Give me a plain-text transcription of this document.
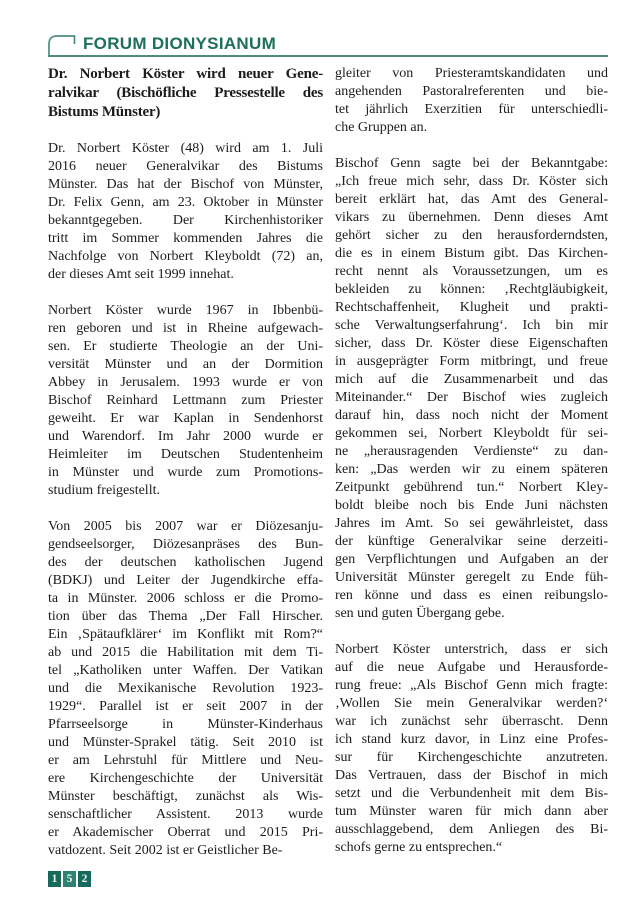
FORUM DIONYSIANUM
Dr. Norbert Köster wird neuer Gene-
ralvikar (Bischöfliche Pressestelle des
Bistums Münster)
Dr. Norbert Köster (48) wird am 1. Juli
2016 neuer Generalvikar des Bistums
Münster. Das hat der Bischof von Münster,
Dr. Felix Genn, am 23. Oktober in Münster
bekanntgegeben. Der Kirchenhistoriker
tritt im Sommer kommenden Jahres die
Nachfolge von Norbert Kleyboldt (72) an,
der dieses Amt seit 1999 innehat.
Norbert Köster wurde 1967 in Ibbenbü-
ren geboren und ist in Rheine aufgewach-
sen. Er studierte Theologie an der Uni-
versität Münster und an der Dormition
Abbey in Jerusalem. 1993 wurde er von
Bischof Reinhard Lettmann zum Priester
geweiht. Er war Kaplan in Sendenhorst
und Warendorf. Im Jahr 2000 wurde er
Heimleiter im Deutschen Studentenheim
in Münster und wurde zum Promotions-
studium freigestellt.
Von 2005 bis 2007 war er Diözesanju-
gendseelsorger, Diözesanpräses des Bun-
des der deutschen katholischen Jugend
(BDKJ) und Leiter der Jugendkirche effa-
ta in Münster. 2006 schloss er die Promo-
tion über das Thema „Der Fall Hirscher.
Ein ‚Spätaufklärer‘ im Konflikt mit Rom?“
ab und 2015 die Habilitation mit dem Ti-
tel „Katholiken unter Waffen. Der Vatikan
und die Mexikanische Revolution 1923-
1929“. Parallel ist er seit 2007 in der
Pfarrseelsorge in Münster-Kinderhaus
und Münster-Sprakel tätig. Seit 2010 ist
er am Lehrstuhl für Mittlere und Neu-
ere Kirchengeschichte der Universität
Münster beschäftigt, zunächst als Wis-
senschaftlicher Assistent. 2013 wurde
er Akademischer Oberrat und 2015 Pri-
vatdozent. Seit 2002 ist er Geistlicher Be-
gleiter von Priesteramtskandidaten und
angehenden Pastoralreferenten und bie-
tet jährlich Exerzitien für unterschiedli-
che Gruppen an.
Bischof Genn sagte bei der Bekanntgabe:
„Ich freue mich sehr, dass Dr. Köster sich
bereit erklärt hat, das Amt des General-
vikars zu übernehmen. Denn dieses Amt
gehört sicher zu den herausforderndsten,
die es in einem Bistum gibt. Das Kirchen-
recht nennt als Voraussetzungen, um es
bekleiden zu können: ‚Rechtgläubigkeit,
Rechtschaffenheit, Klugheit und prakti-
sche Verwaltungserfahrung‘. Ich bin mir
sicher, dass Dr. Köster diese Eigenschaften
in ausgeprägter Form mitbringt, und freue
mich auf die Zusammenarbeit und das
Miteinander.“ Der Bischof wies zugleich
darauf hin, dass noch nicht der Moment
gekommen sei, Norbert Kleyboldt für sei-
ne „herausragenden Verdienste“ zu dan-
ken: „Das werden wir zu einem späteren
Zeitpunkt gebührend tun.“ Norbert Kley-
boldt bleibe noch bis Ende Juni nächsten
Jahres im Amt. So sei gewährleistet, dass
der künftige Generalvikar seine derzeiti-
gen Verpflichtungen und Aufgaben an der
Universität Münster geregelt zu Ende füh-
ren könne und dass es einen reibungslo-
sen und guten Übergang gebe.
Norbert Köster unterstrich, dass er sich
auf die neue Aufgabe und Herausforde-
rung freue: „Als Bischof Genn mich fragte:
‚Wollen Sie mein Generalvikar werden?‘
war ich zunächst sehr überrascht. Denn
ich stand kurz davor, in Linz eine Profes-
sur für Kirchengeschichte anzutreten.
Das Vertrauen, dass der Bischof in mich
setzt und die Verbundenheit mit dem Bis-
tum Münster waren für mich dann aber
ausschlaggebend, dem Anliegen des Bi-
schofs gerne zu entsprechen.“
1 5 2
